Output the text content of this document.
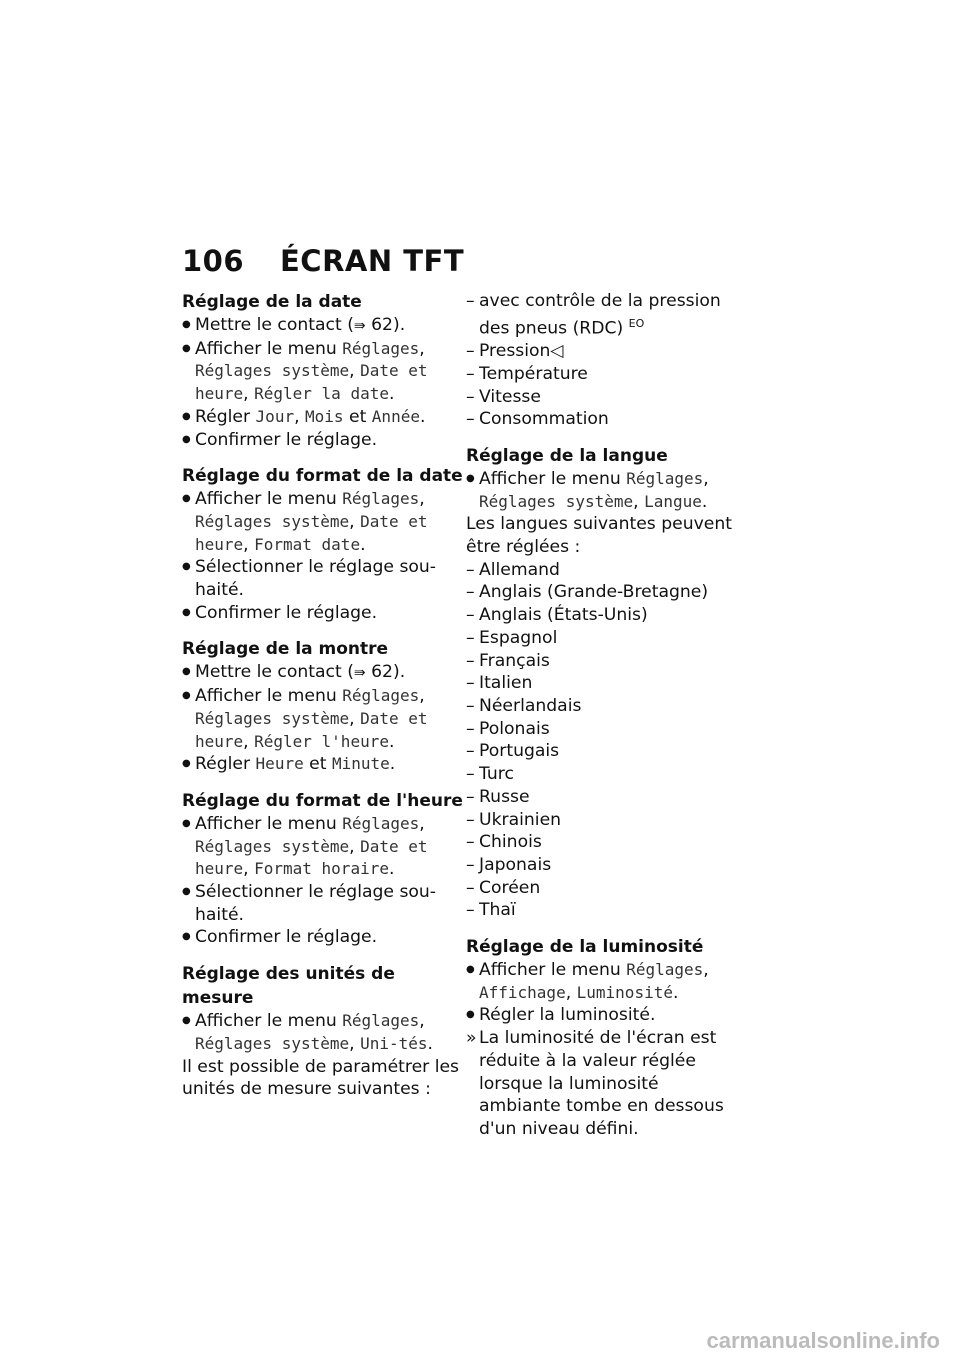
106 ÉCRAN TFT
Réglage de la date
● Mettre le contact (⇛ 62).
● Afficher le menu Réglages, Réglages système, Date et heure, Régler la date.
● Régler Jour, Mois et Année.
● Confirmer le réglage.
Réglage du format de la date
● Afficher le menu Réglages, Réglages système, Date et heure, Format date.
● Sélectionner le réglage sou-haité.
● Confirmer le réglage.
Réglage de la montre
● Mettre le contact (⇛ 62).
● Afficher le menu Réglages, Réglages système, Date et heure, Régler l'heure.
● Régler Heure et Minute.
Réglage du format de l'heure
● Afficher le menu Réglages, Réglages système, Date et heure, Format horaire.
● Sélectionner le réglage sou-haité.
● Confirmer le réglage.
Réglage des unités de mesure
● Afficher le menu Réglages, Réglages système, Uni-tés.
Il est possible de paramétrer les unités de mesure suivantes :
– avec contrôle de la pression des pneus (RDC) $^{EO}$
– Pression◁
– Température
– Vitesse
– Consommation
Réglage de la langue
● Afficher le menu Réglages, Réglages système, Langue.
Les langues suivantes peuvent être réglées :
– Allemand
– Anglais (Grande-Bretagne)
– Anglais (États-Unis)
– Espagnol
– Français
– Italien
– Néerlandais
– Polonais
– Portugais
– Turc
– Russe
– Ukrainien
– Chinois
– Japonais
– Coréen
– Thaï
Réglage de la luminosité
● Afficher le menu Réglages, Affichage, Luminosité.
● Régler la luminosité.
» La luminosité de l'écran est réduite à la valeur réglée lorsque la luminosité ambiante tombe en dessous d'un niveau défini.
carmanualsonline.info
